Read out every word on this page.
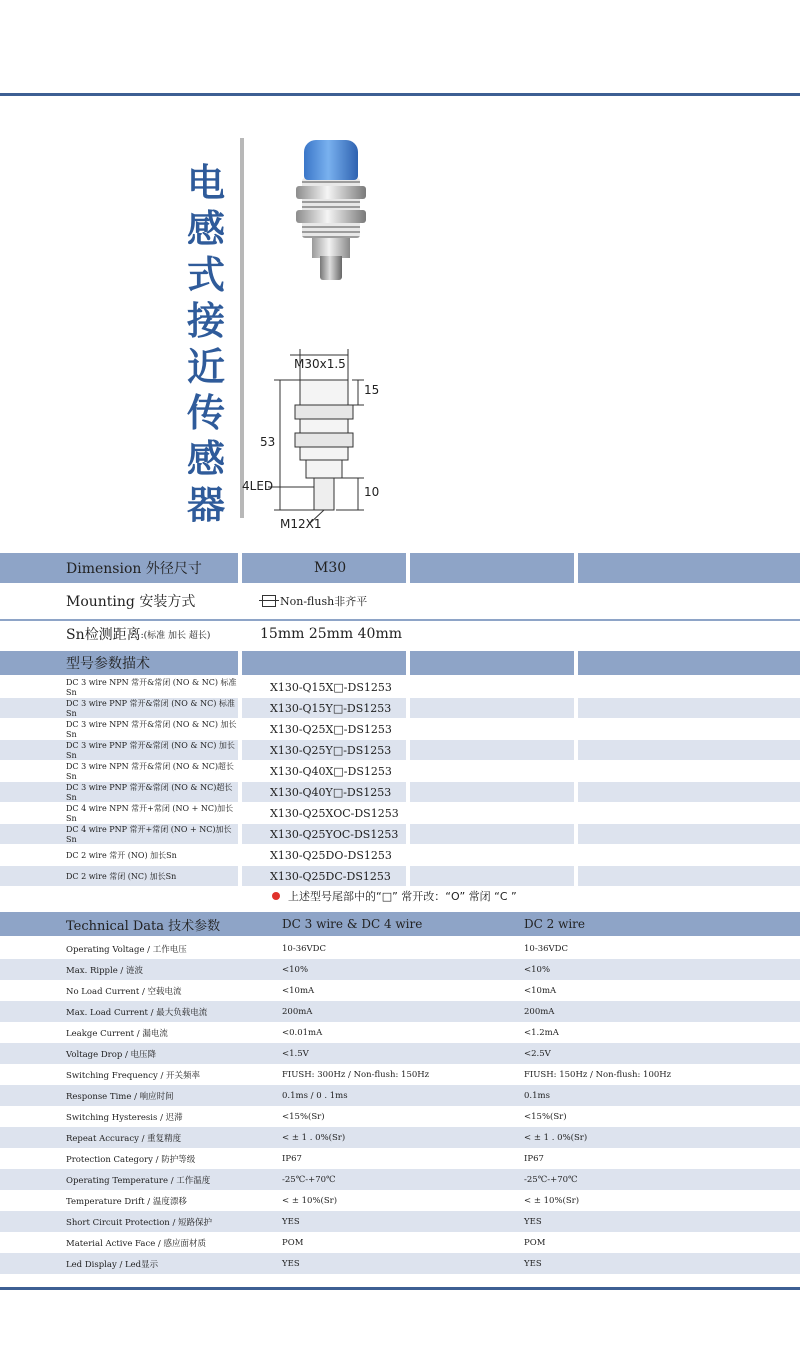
电
感
式
接
近
传
感
器
M30x1.5
15
53
4LED	10
M12X1
Dimension 外径尺寸	M30
Mounting 安装方式	Non-flush非齐平
Sn检测距离 :(标准 加长 超长)	15mm 25mm 40mm
型号参数描术
DC 3 wire NPN 常开&常闭 (NO & NC) 标准Sn	X130-Q15X□-DS1253
DC 3 wire PNP 常开&常闭 (NO & NC) 标准Sn	X130-Q15Y□-DS1253
DC 3 wire NPN 常开&常闭 (NO & NC) 加长Sn	X130-Q25X□-DS1253
DC 3 wire PNP 常开&常闭 (NO & NC) 加长Sn	X130-Q25Y□-DS1253
DC 3 wire NPN 常开&常闭 (NO & NC)超长Sn	X130-Q40X□-DS1253
DC 3 wire PNP 常开&常闭 (NO & NC)超长Sn	X130-Q40Y□-DS1253
DC 4 wire NPN 常开+常闭 (NO + NC)加长Sn	X130-Q25XOC-DS1253
DC 4 wire PNP 常开+常闭 (NO + NC)加长Sn	X130-Q25YOC-DS1253
DC 2 wire 常开 (NO) 加长Sn	X130-Q25DO-DS1253
DC 2 wire 常闭 (NC) 加长Sn	X130-Q25DC-DS1253
上述型号尾部中的“□” 常开改：“O” 常闭 “C ”
Technical Data 技术参数	DC 3 wire & DC 4 wire	DC 2 wire
Operating Voltage / 工作电压	10-36VDC	10-36VDC
Max. Ripple / 涟波	<10%	<10%
No Load Current / 空载电流	<10mA	<10mA
Max. Load Current / 最大负载电流	200mA	200mA
Leakge Current / 漏电流	<0.01mA	<1.2mA
Voltage Drop / 电压降	<1.5V	<2.5V
Switching Frequency / 开关频率	FIUSH: 300Hz / Non-flush: 150Hz	FIUSH: 150Hz / Non-flush: 100Hz
Response Time / 响应时间	0.1ms / 0 . 1ms	0.1ms
Switching Hysteresis / 迟滞	<15%(Sr)	<15%(Sr)
Repeat Accuracy / 重复精度	< ± 1 . 0%(Sr)	< ± 1 . 0%(Sr)
Protection Category / 防护等级	IP67	IP67
Operating Temperature / 工作温度	-25℃-+70℃	-25℃-+70℃
Temperature Drift / 温度漂移	< ± 10%(Sr)	< ± 10%(Sr)
Short Circuit Protection / 短路保护	YES	YES
Material Active Face / 感应面材质	POM	POM
Led Display / Led显示	YES	YES
